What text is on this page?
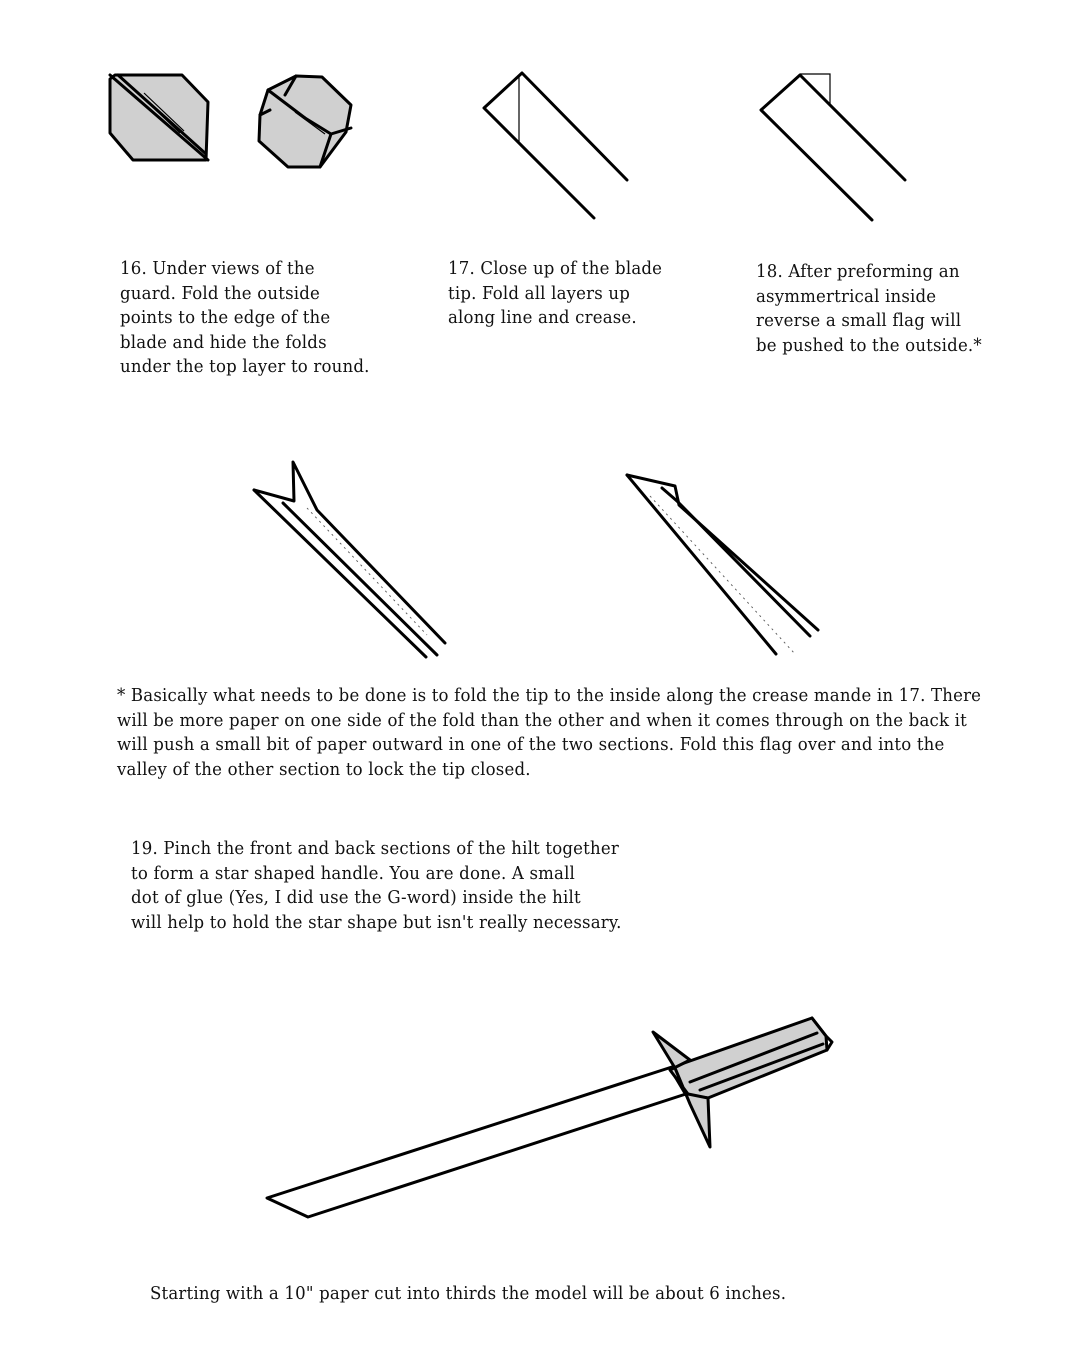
17. Close up of the blade
tip. Fold all layers up
along line and crease.
16. Under views of the
guard. Fold the outside
points to the edge of the
blade and hide the folds
under the top layer to round.
18. After preforming an
asymmertrical inside
reverse a small flag will
be pushed to the outside.*
* Basically what needs to be done is to fold the tip to the inside along the crease mande in 17. There
will be more paper on one side of the fold than the other and when it comes through on the back it
will push a small bit of paper outward in one of the two sections. Fold this flag over and into the
valley of the other section to lock the tip closed.
19. Pinch the front and back sections of the hilt together
to form a star shaped handle. You are done. A small
dot of glue (Yes, I did use the G-word) inside the hilt
will help to hold the star shape but isn't really necessary.
Starting with a 10" paper cut into thirds the model will be about 6 inches.
